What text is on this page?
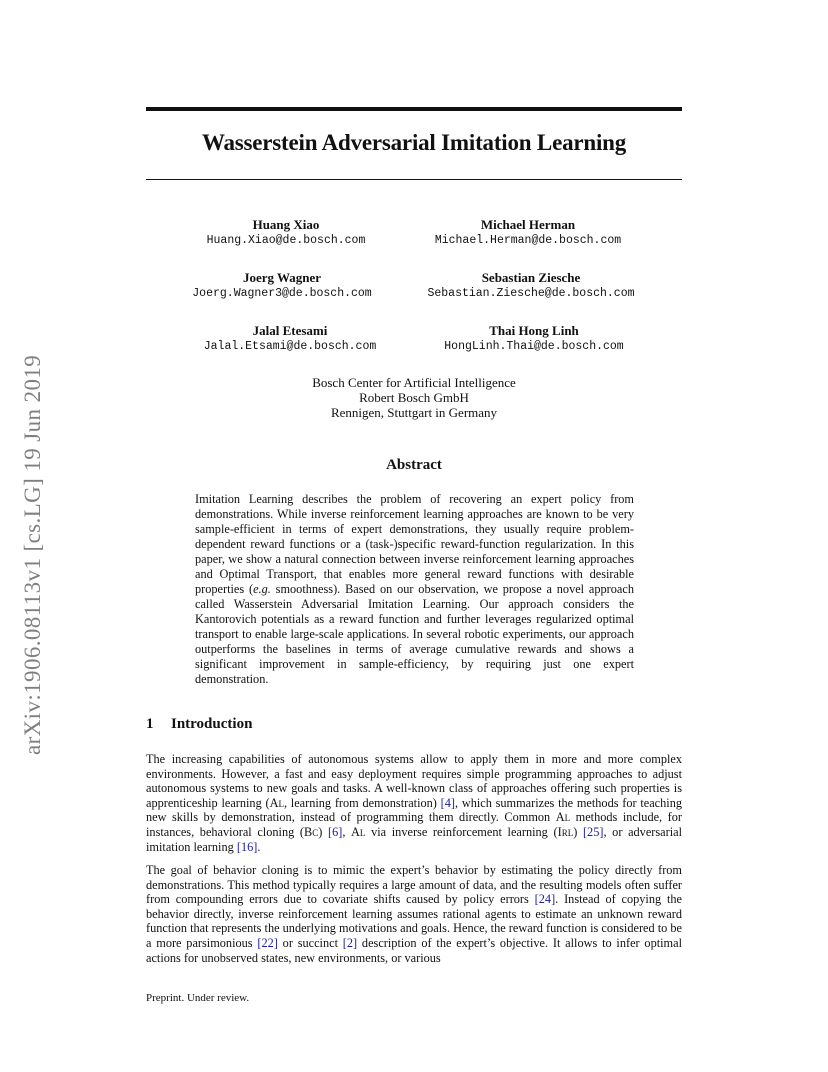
arXiv:1906.08113v1 [cs.LG] 19 Jun 2019
Wasserstein Adversarial Imitation Learning
Huang Xiao
Huang.Xiao@de.bosch.com
Michael Herman
Michael.Herman@de.bosch.com
Joerg Wagner
Joerg.Wagner3@de.bosch.com
Sebastian Ziesche
Sebastian.Ziesche@de.bosch.com
Jalal Etesami
Jalal.Etsami@de.bosch.com
Thai Hong Linh
HongLinh.Thai@de.bosch.com
Bosch Center for Artificial Intelligence
Robert Bosch GmbH
Rennigen, Stuttgart in Germany
Abstract
Imitation Learning describes the problem of recovering an expert policy from demonstrations. While inverse reinforcement learning approaches are known to be very sample-efficient in terms of expert demonstrations, they usually require problem-dependent reward functions or a (task-)specific reward-function regularization. In this paper, we show a natural connection between inverse reinforcement learning approaches and Optimal Transport, that enables more general reward functions with desirable properties (e.g. smoothness). Based on our observation, we propose a novel approach called Wasserstein Adversarial Imitation Learning. Our approach considers the Kantorovich potentials as a reward function and further leverages regularized optimal transport to enable large-scale applications. In several robotic experiments, our approach outperforms the baselines in terms of average cumulative rewards and shows a significant improvement in sample-efficiency, by requiring just one expert demonstration.
1 Introduction
The increasing capabilities of autonomous systems allow to apply them in more and more complex environments. However, a fast and easy deployment requires simple programming approaches to adjust autonomous systems to new goals and tasks. A well-known class of approaches offering such properties is apprenticeship learning (Al, learning from demonstration) [4], which summarizes the methods for teaching new skills by demonstration, instead of programming them directly. Common Al methods include, for instances, behavioral cloning (Bc) [6], Al via inverse reinforcement learning (Irl) [25], or adversarial imitation learning [16].
The goal of behavior cloning is to mimic the expert’s behavior by estimating the policy directly from demonstrations. This method typically requires a large amount of data, and the resulting models often suffer from compounding errors due to covariate shifts caused by policy errors [24]. Instead of copying the behavior directly, inverse reinforcement learning assumes rational agents to estimate an unknown reward function that represents the underlying motivations and goals. Hence, the reward function is considered to be a more parsimonious [22] or succinct [2] description of the expert’s objective. It allows to infer optimal actions for unobserved states, new environments, or various
Preprint. Under review.
